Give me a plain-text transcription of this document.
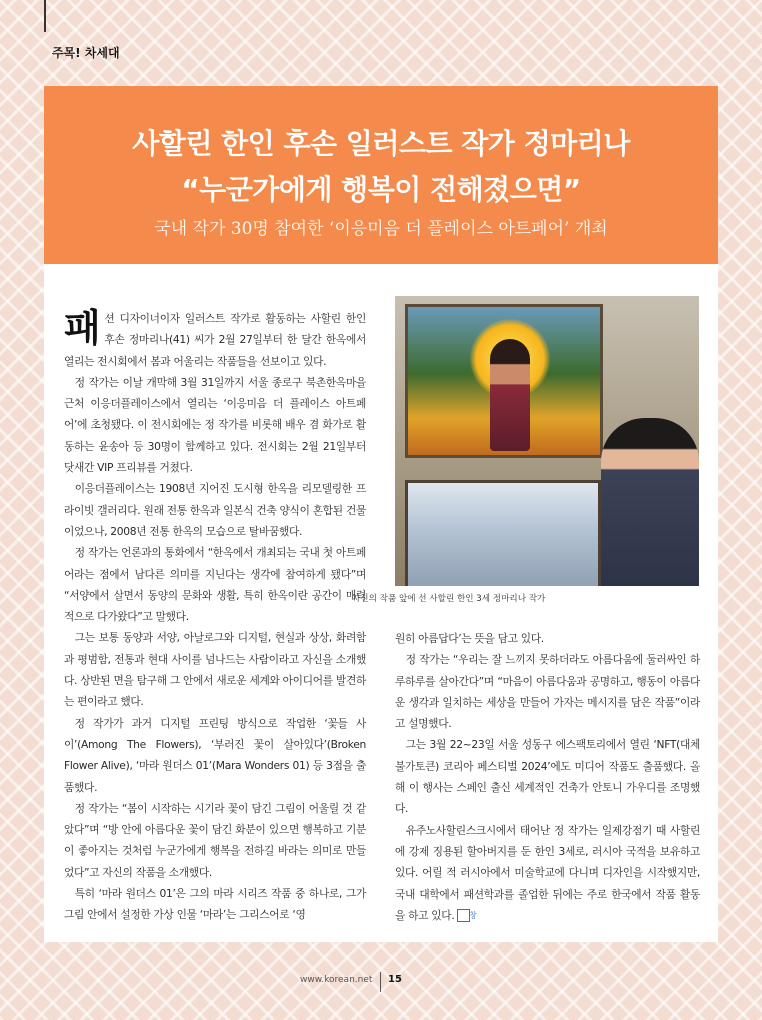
주목! 차세대
사할린 한인 후손 일러스트 작가 정마리나
“누군가에게 행복이 전해졌으면”
국내 작가 30명 참여한 ‘이응미음 더 플레이스 아트페어’ 개최

패션 디자이너이자 일러스트 작가로 활동하는 사할린 한인 후손 정마리나(41) 씨가 2월 27일부터 한 달간 한옥에서 열리는 전시회에서 봄과 어울리는 작품들을 선보이고 있다.

정 작가는 이날 개막해 3월 31일까지 서울 종로구 북촌한옥마을 근처 이응더플레이스에서 열리는 ‘이응미음 더 플레이스 아트페어’에 초청됐다. 이 전시회에는 정 작가를 비롯해 배우 겸 화가로 활동하는 윤송아 등 30명이 함께하고 있다. 전시회는 2월 21일부터 닷새간 VIP 프리뷰를 거쳤다.

이응더플레이스는 1908년 지어진 도시형 한옥을 리모델링한 프라이빗 갤러리다. 원래 전통 한옥과 일본식 건축 양식이 혼합된 건물이었으나, 2008년 전통 한옥의 모습으로 탈바꿈했다.

정 작가는 언론과의 통화에서 “한옥에서 개최되는 국내 첫 아트페어라는 점에서 남다른 의미를 지닌다는 생각에 참여하게 됐다”며 “서양에서 살면서 동양의 문화와 생활, 특히 한옥이란 공간이 매력적으로 다가왔다”고 말했다.

그는 보통 동양과 서양, 아날로그와 디지털, 현실과 상상, 화려함과 평범함, 전통과 현대 사이를 넘나드는 사람이라고 자신을 소개했다. 상반된 면을 탐구해 그 안에서 새로운 세계와 아이디어를 발견하는 편이라고 했다.

정 작가가 과거 디지털 프린팅 방식으로 작업한 ‘꽃들 사이’(Among The Flowers), ‘부러진 꽃이 살아있다’(Broken Flower Alive), ‘마라 원더스 01’(Mara Wonders 01) 등 3점을 출품했다.

정 작가는 “봄이 시작하는 시기라 꽃이 담긴 그림이 어울릴 것 같았다”며 “방 안에 아름다운 꽃이 담긴 화분이 있으면 행복하고 기분이 좋아지는 것처럼 누군가에게 행복을 전하길 바라는 의미로 만들었다”고 자신의 작품을 소개했다.

특히 ‘마라 원더스 01’은 그의 마라 시리즈 작품 중 하나로, 그가 그림 안에서 설정한 가상 인물 ‘마라’는 그리스어로 ‘영

자신의 작품 앞에 선 사할린 한인 3세 정마리나 작가

원히 아름답다’는 뜻을 담고 있다.

정 작가는 “우리는 잘 느끼지 못하더라도 아름다움에 둘러싸인 하루하루를 살아간다”며 “마음이 아름다움과 공명하고, 행동이 아름다운 생각과 일치하는 세상을 만들어 가자는 메시지를 담은 작품”이라고 설명했다.

그는 3월 22~23일 서울 성동구 에스팩토리에서 열린 ‘NFT(대체불가토큰) 코리아 페스티벌 2024’에도 미디어 작품도 출품했다. 올해 이 행사는 스페인 출신 세계적인 건축가 안토니 가우디를 조명했다.

유주노사할린스크시에서 태어난 정 작가는 일제강점기 때 사할린에 강제 징용된 할아버지를 둔 한인 3세로, 러시아 국적을 보유하고 있다. 어릴 적 러시아에서 미술학교에 다니며 디자인을 시작했지만, 국내 대학에서 패션학과를 졸업한 뒤에는 주로 한국에서 작품 활동을 하고 있다. 창

www.korean.net 15
